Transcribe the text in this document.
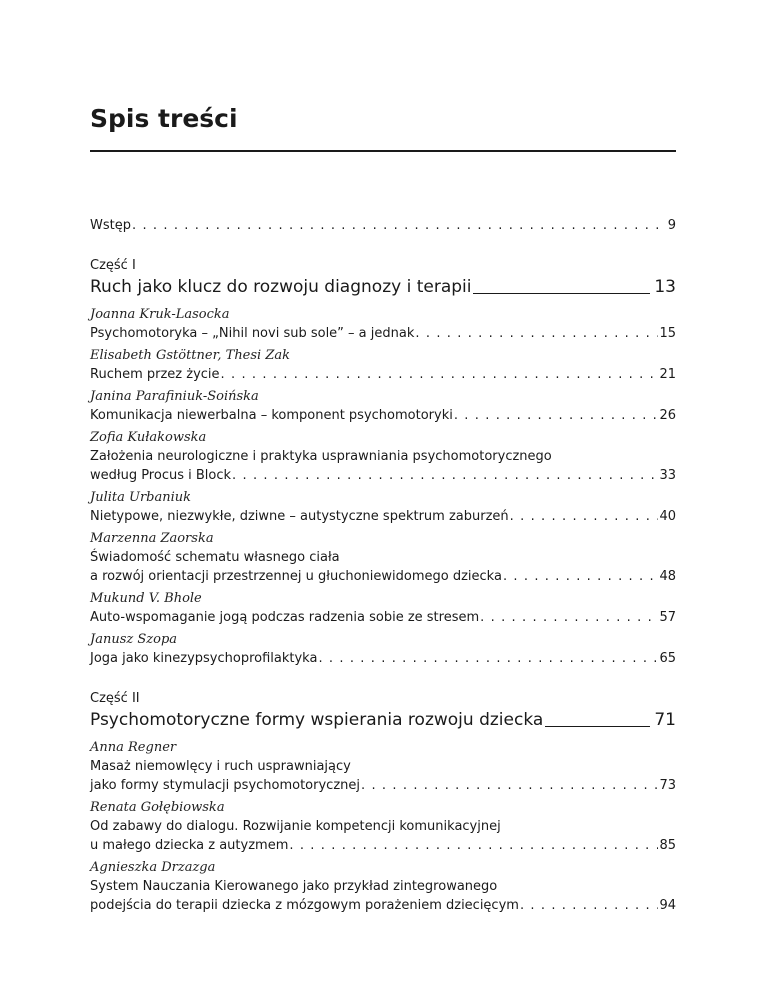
Spis treści
Wstęp . . .	9
Część I
Ruch jako klucz do rozwoju diagnozy i terapii	13
Joanna Kruk-Lasocka
Psychomotoryka – „Nihil novi sub sole” – a jednak . . .	15
Elisabeth Gstöttner, Thesi Zak
Ruchem przez życie . . .	21
Janina Parafiniuk-Soińska
Komunikacja niewerbalna – komponent psychomotoryki . . .	26
Zofia Kułakowska
Założenia neurologiczne i praktyka usprawniania psychomotorycznego
według Procus i Block . . .	33
Julita Urbaniuk
Nietypowe, niezwykłe, dziwne – autystyczne spektrum zaburzeń . . .	40
Marzenna Zaorska
Świadomość schematu własnego ciała
a rozwój orientacji przestrzennej u głuchoniewidomego dziecka . . .	48
Mukund V. Bhole
Auto-wspomaganie jogą podczas radzenia sobie ze stresem . . .	57
Janusz Szopa
Joga jako kinezypsychoprofilaktyka . . .	65
Część II
Psychomotoryczne formy wspierania rozwoju dziecka	71
Anna Regner
Masaż niemowlęcy i ruch usprawniający
jako formy stymulacji psychomotorycznej . . .	73
Renata Gołębiowska
Od zabawy do dialogu. Rozwijanie kompetencji komunikacyjnej
u małego dziecka z autyzmem . . .	85
Agnieszka Drzazga
System Nauczania Kierowanego jako przykład zintegrowanego
podejścia do terapii dziecka z mózgowym porażeniem dziecięcym . . .	94
